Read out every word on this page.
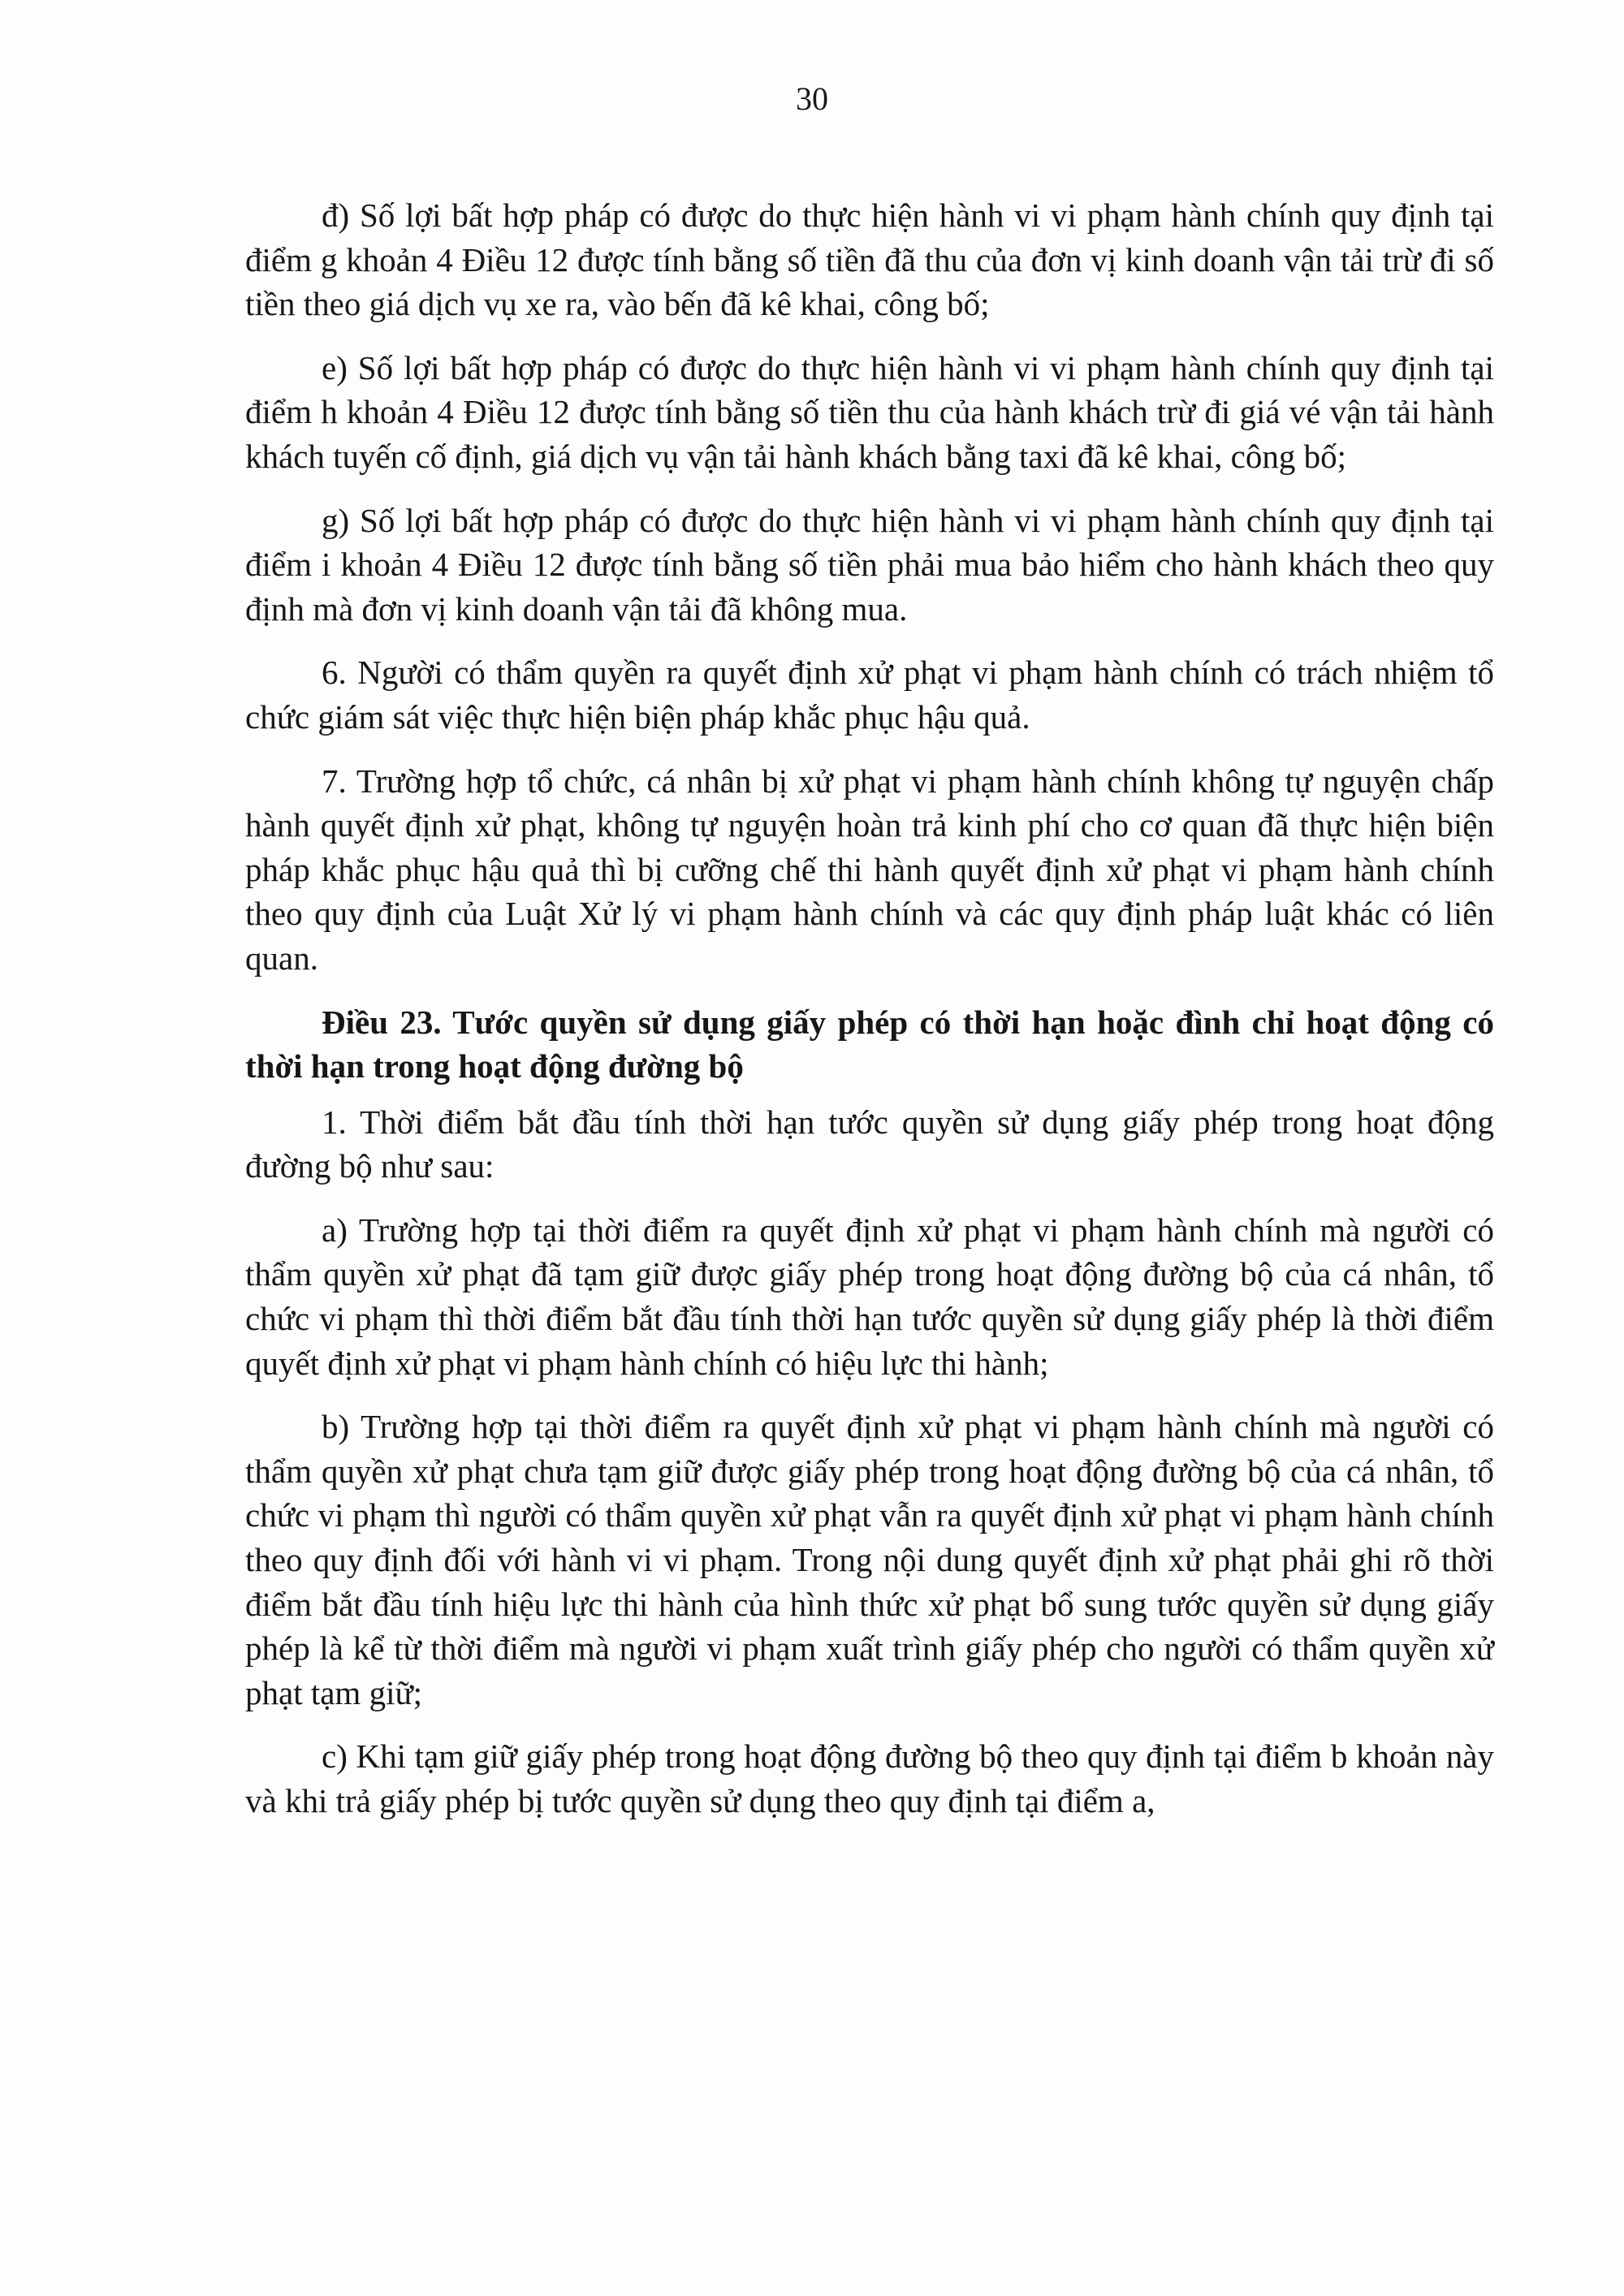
30

đ) Số lợi bất hợp pháp có được do thực hiện hành vi vi phạm hành chính quy định tại điểm g khoản 4 Điều 12 được tính bằng số tiền đã thu của đơn vị kinh doanh vận tải trừ đi số tiền theo giá dịch vụ xe ra, vào bến đã kê khai, công bố;

e) Số lợi bất hợp pháp có được do thực hiện hành vi vi phạm hành chính quy định tại điểm h khoản 4 Điều 12 được tính bằng số tiền thu của hành khách trừ đi giá vé vận tải hành khách tuyến cố định, giá dịch vụ vận tải hành khách bằng taxi đã kê khai, công bố;

g) Số lợi bất hợp pháp có được do thực hiện hành vi vi phạm hành chính quy định tại điểm i khoản 4 Điều 12 được tính bằng số tiền phải mua bảo hiểm cho hành khách theo quy định mà đơn vị kinh doanh vận tải đã không mua.

6. Người có thẩm quyền ra quyết định xử phạt vi phạm hành chính có trách nhiệm tổ chức giám sát việc thực hiện biện pháp khắc phục hậu quả.

7. Trường hợp tổ chức, cá nhân bị xử phạt vi phạm hành chính không tự nguyện chấp hành quyết định xử phạt, không tự nguyện hoàn trả kinh phí cho cơ quan đã thực hiện biện pháp khắc phục hậu quả thì bị cưỡng chế thi hành quyết định xử phạt vi phạm hành chính theo quy định của Luật Xử lý vi phạm hành chính và các quy định pháp luật khác có liên quan.

Điều 23. Tước quyền sử dụng giấy phép có thời hạn hoặc đình chỉ hoạt động có thời hạn trong hoạt động đường bộ

1. Thời điểm bắt đầu tính thời hạn tước quyền sử dụng giấy phép trong hoạt động đường bộ như sau:

a) Trường hợp tại thời điểm ra quyết định xử phạt vi phạm hành chính mà người có thẩm quyền xử phạt đã tạm giữ được giấy phép trong hoạt động đường bộ của cá nhân, tổ chức vi phạm thì thời điểm bắt đầu tính thời hạn tước quyền sử dụng giấy phép là thời điểm quyết định xử phạt vi phạm hành chính có hiệu lực thi hành;

b) Trường hợp tại thời điểm ra quyết định xử phạt vi phạm hành chính mà người có thẩm quyền xử phạt chưa tạm giữ được giấy phép trong hoạt động đường bộ của cá nhân, tổ chức vi phạm thì người có thẩm quyền xử phạt vẫn ra quyết định xử phạt vi phạm hành chính theo quy định đối với hành vi vi phạm. Trong nội dung quyết định xử phạt phải ghi rõ thời điểm bắt đầu tính hiệu lực thi hành của hình thức xử phạt bổ sung tước quyền sử dụng giấy phép là kể từ thời điểm mà người vi phạm xuất trình giấy phép cho người có thẩm quyền xử phạt tạm giữ;

c) Khi tạm giữ giấy phép trong hoạt động đường bộ theo quy định tại điểm b khoản này và khi trả giấy phép bị tước quyền sử dụng theo quy định tại điểm a,
